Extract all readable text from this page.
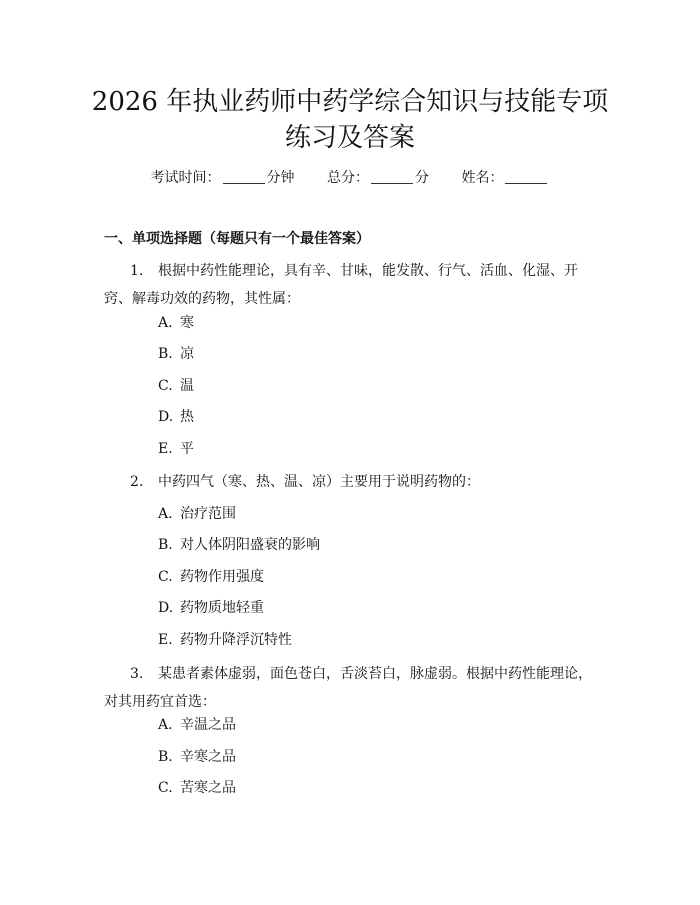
2026 年执业药师中药学综合知识与技能专项
练习及答案
考试时间：	分钟 总分：	分 姓名：
一、单项选择题（每题只有一个最佳答案）
1. 根据中药性能理论，具有辛、甘味，能发散、行气、活血、化湿、开窍、解毒功效的药物，其性属：
A. 寒
B. 凉
C. 温
D. 热
E. 平
2. 中药四气（寒、热、温、凉）主要用于说明药物的：
A. 治疗范围
B. 对人体阴阳盛衰的影响
C. 药物作用强度
D. 药物质地轻重
E. 药物升降浮沉特性
3. 某患者素体虚弱，面色苍白，舌淡苔白，脉虚弱。根据中药性能理论，对其用药宜首选：
A. 辛温之品
B. 辛寒之品
C. 苦寒之品
